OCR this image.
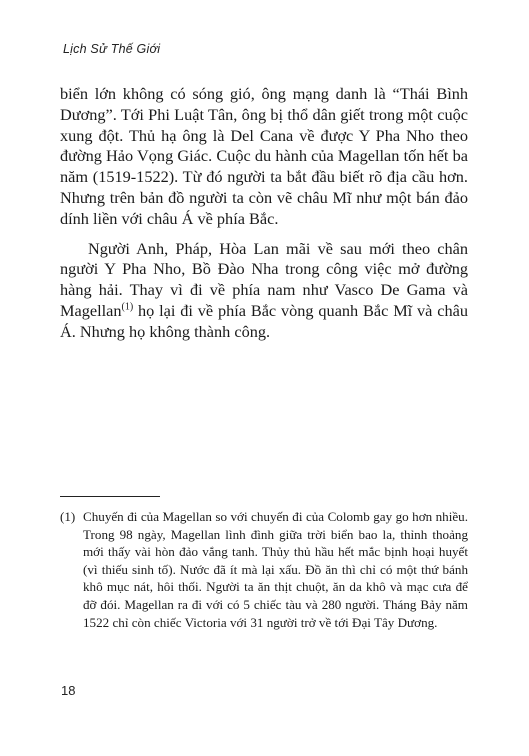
Lịch Sử Thế Giới

biển lớn không có sóng gió, ông mạng danh là “Thái Bình Dương”. Tới Phi Luật Tân, ông bị thổ dân giết trong một cuộc xung đột. Thủ hạ ông là Del Cana về được Y Pha Nho theo đường Hảo Vọng Giác. Cuộc du hành của Magellan tốn hết ba năm (1519-1522). Từ đó người ta bắt đầu biết rõ địa cầu hơn. Nhưng trên bản đồ người ta còn vẽ châu Mĩ như một bán đảo dính liền với châu Á về phía Bắc.

Người Anh, Pháp, Hòa Lan mãi về sau mới theo chân người Y Pha Nho, Bồ Đào Nha trong công việc mở đường hàng hải. Thay vì đi về phía nam như Vasco De Gama và Magellan$^{(1)}$ họ lại đi về phía Bắc vòng quanh Bắc Mĩ và châu Á. Nhưng họ không thành công.

(1) Chuyến đi của Magellan so với chuyến đi của Colomb gay go hơn nhiều. Trong 98 ngày, Magellan lình đình giữa trời biển bao la, thỉnh thoảng mới thấy vài hòn đảo vắng tanh. Thủy thủ hầu hết mắc bịnh hoại huyết (vì thiếu sinh tố). Nước đã ít mà lại xấu. Đồ ăn thì chỉ có một thứ bánh khô mục nát, hôi thối. Người ta ăn thịt chuột, ăn da khô và mạc cưa để đỡ đói. Magellan ra đi với có 5 chiếc tàu và 280 người. Tháng Bảy năm 1522 chỉ còn chiếc Victoria với 31 người trở về tới Đại Tây Dương.
18
